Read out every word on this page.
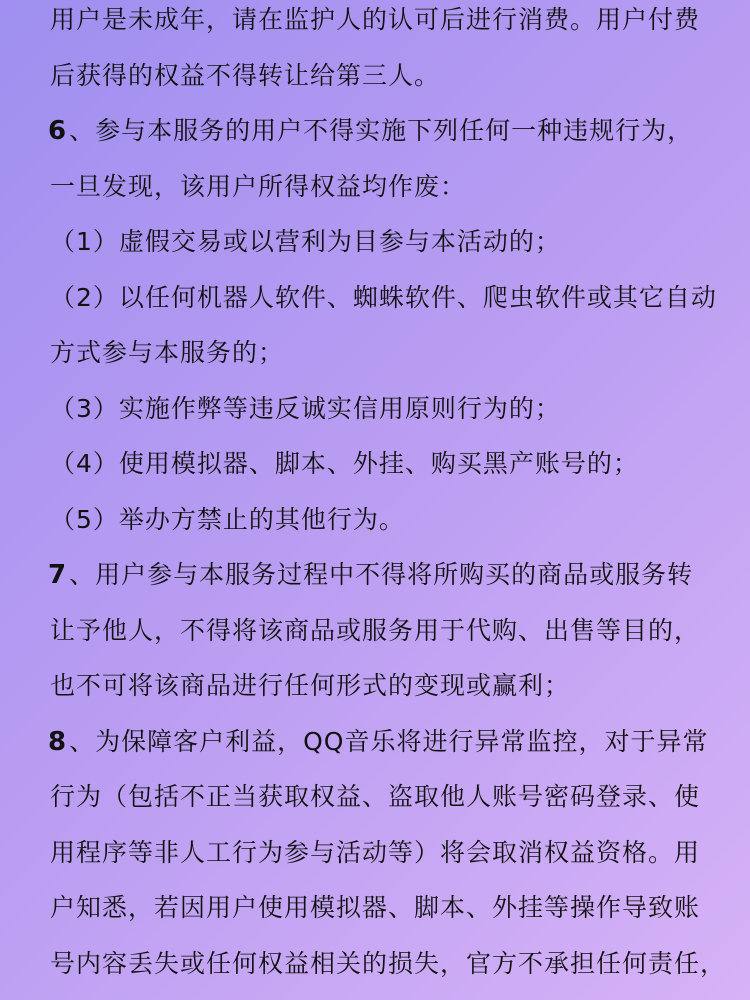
用户是未成年，请在监护人的认可后进行消费。用户付费
后获得的权益不得转让给第三人。
6、参与本服务的用户不得实施下列任何一种违规行为，
一旦发现，该用户所得权益均作废：
（1）虚假交易或以营利为目参与本活动的；
（2）以任何机器人软件、蜘蛛软件、爬虫软件或其它自动
方式参与本服务的；
（3）实施作弊等违反诚实信用原则行为的；
（4）使用模拟器、脚本、外挂、购买黑产账号的；
（5）举办方禁止的其他行为。
7、用户参与本服务过程中不得将所购买的商品或服务转
让予他人，不得将该商品或服务用于代购、出售等目的，
也不可将该商品进行任何形式的变现或赢利；
8、为保障客户利益，QQ音乐将进行异常监控，对于异常
行为（包括不正当获取权益、盗取他人账号密码登录、使
用程序等非人工行为参与活动等）将会取消权益资格。用
户知悉，若因用户使用模拟器、脚本、外挂等操作导致账
号内容丢失或任何权益相关的损失，官方不承担任何责任，
